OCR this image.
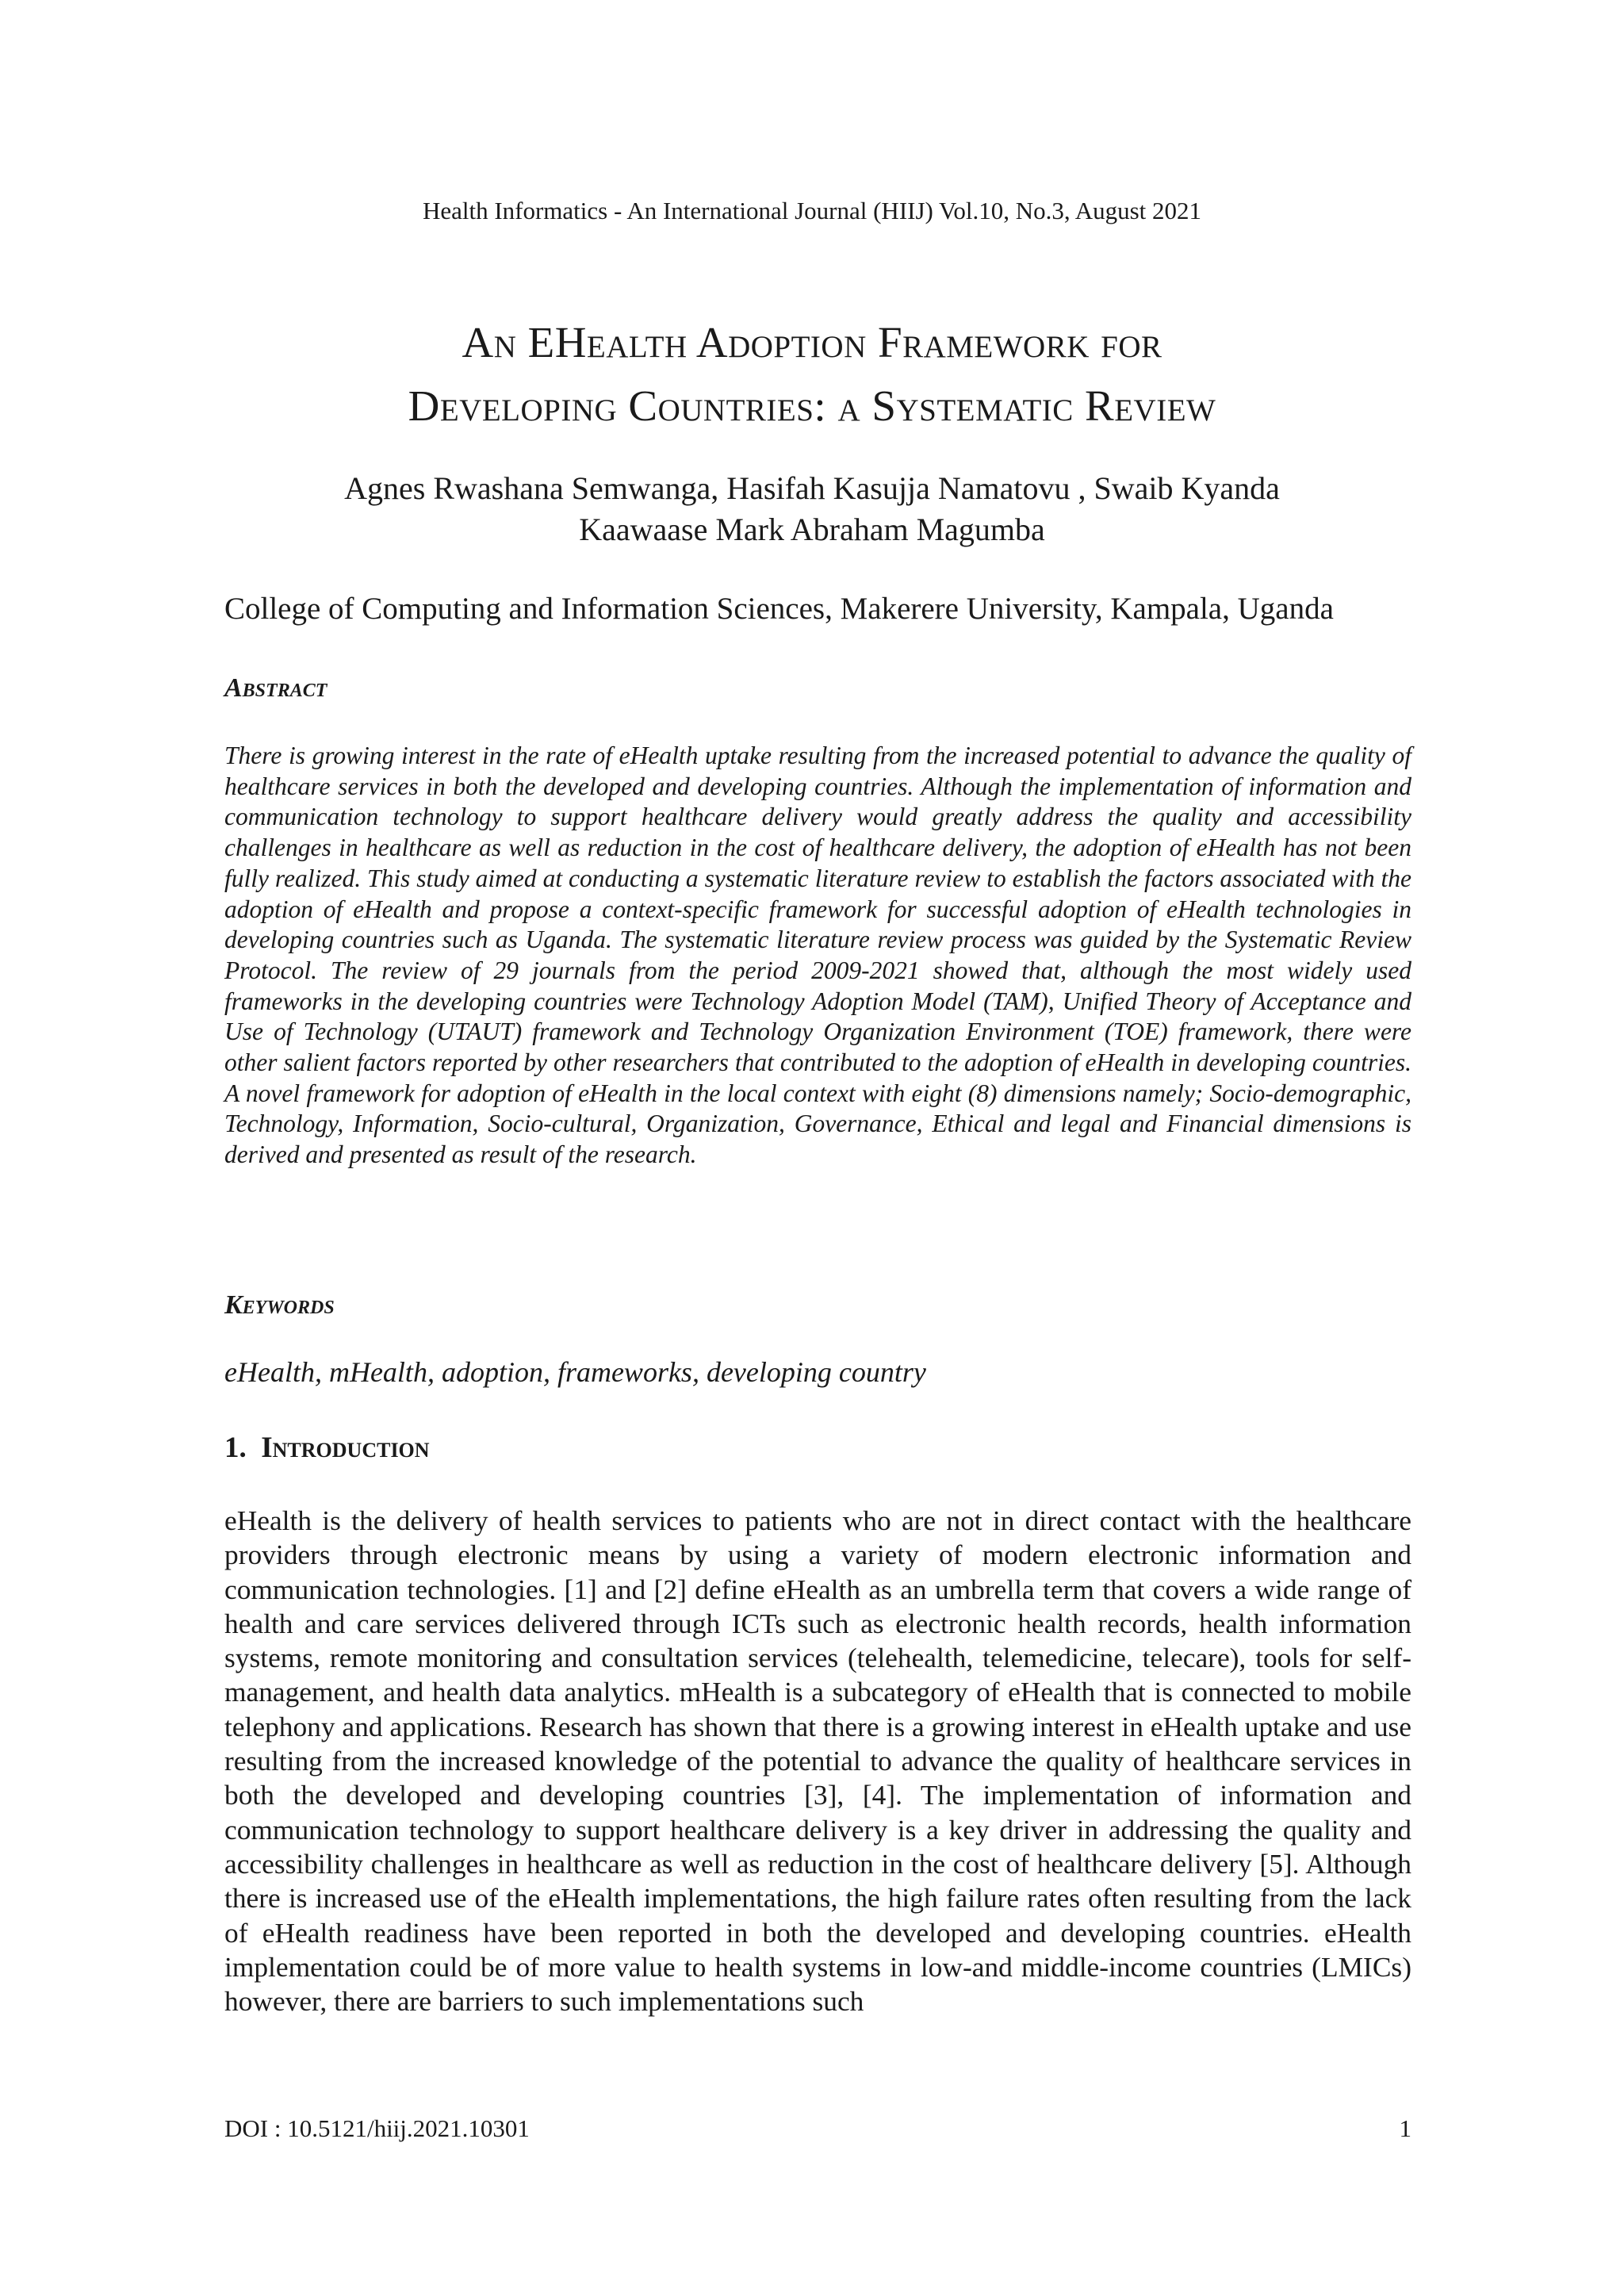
Health Informatics - An International Journal (HIIJ) Vol.10, No.3, August 2021
An EHealth Adoption Framework for
Developing Countries: a Systematic Review
Agnes Rwashana Semwanga, Hasifah Kasujja Namatovu , Swaib Kyanda
Kaawaase Mark Abraham Magumba
College of Computing and Information Sciences, Makerere University, Kampala, Uganda
Abstract

There is growing interest in the rate of eHealth uptake resulting from the increased potential to advance the quality of healthcare services in both the developed and developing countries. Although the implementation of information and communication technology to support healthcare delivery would greatly address the quality and accessibility challenges in healthcare as well as reduction in the cost of healthcare delivery, the adoption of eHealth has not been fully realized. This study aimed at conducting a systematic literature review to establish the factors associated with the adoption of eHealth and propose a context-specific framework for successful adoption of eHealth technologies in developing countries such as Uganda. The systematic literature review process was guided by the Systematic Review Protocol. The review of 29 journals from the period 2009-2021 showed that, although the most widely used frameworks in the developing countries were Technology Adoption Model (TAM), Unified Theory of Acceptance and Use of Technology (UTAUT) framework and Technology Organization Environment (TOE) framework, there were other salient factors reported by other researchers that contributed to the adoption of eHealth in developing countries. A novel framework for adoption of eHealth in the local context with eight (8) dimensions namely; Socio-demographic, Technology, Information, Socio-cultural, Organization, Governance, Ethical and legal and Financial dimensions is derived and presented as result of the research.

Keywords

eHealth, mHealth, adoption, frameworks, developing country

1.  Introduction

eHealth is the delivery of health services to patients who are not in direct contact with the healthcare providers through electronic means by using a variety of modern electronic information and communication technologies. [1] and [2] define eHealth as an umbrella term that covers a wide range of health and care services delivered through ICTs such as electronic health records, health information systems, remote monitoring and consultation services (telehealth, telemedicine, telecare), tools for self-management, and health data analytics. mHealth is a subcategory of eHealth that is connected to mobile telephony and applications. Research has shown that there is a growing interest in eHealth uptake and use resulting from the increased knowledge of the potential to advance the quality of healthcare services in both the developed and developing countries [3], [4]. The implementation of information and communication technology to support healthcare delivery is a key driver in addressing the quality and accessibility challenges in healthcare as well as reduction in the cost of healthcare delivery [5]. Although there is increased use of the eHealth implementations, the high failure rates often resulting from the lack of eHealth readiness have been reported in both the developed and developing countries. eHealth implementation could be of more value to health systems in low-and middle-income countries (LMICs) however, there are barriers to such implementations such

DOI : 10.5121/hiij.2021.10301	1
